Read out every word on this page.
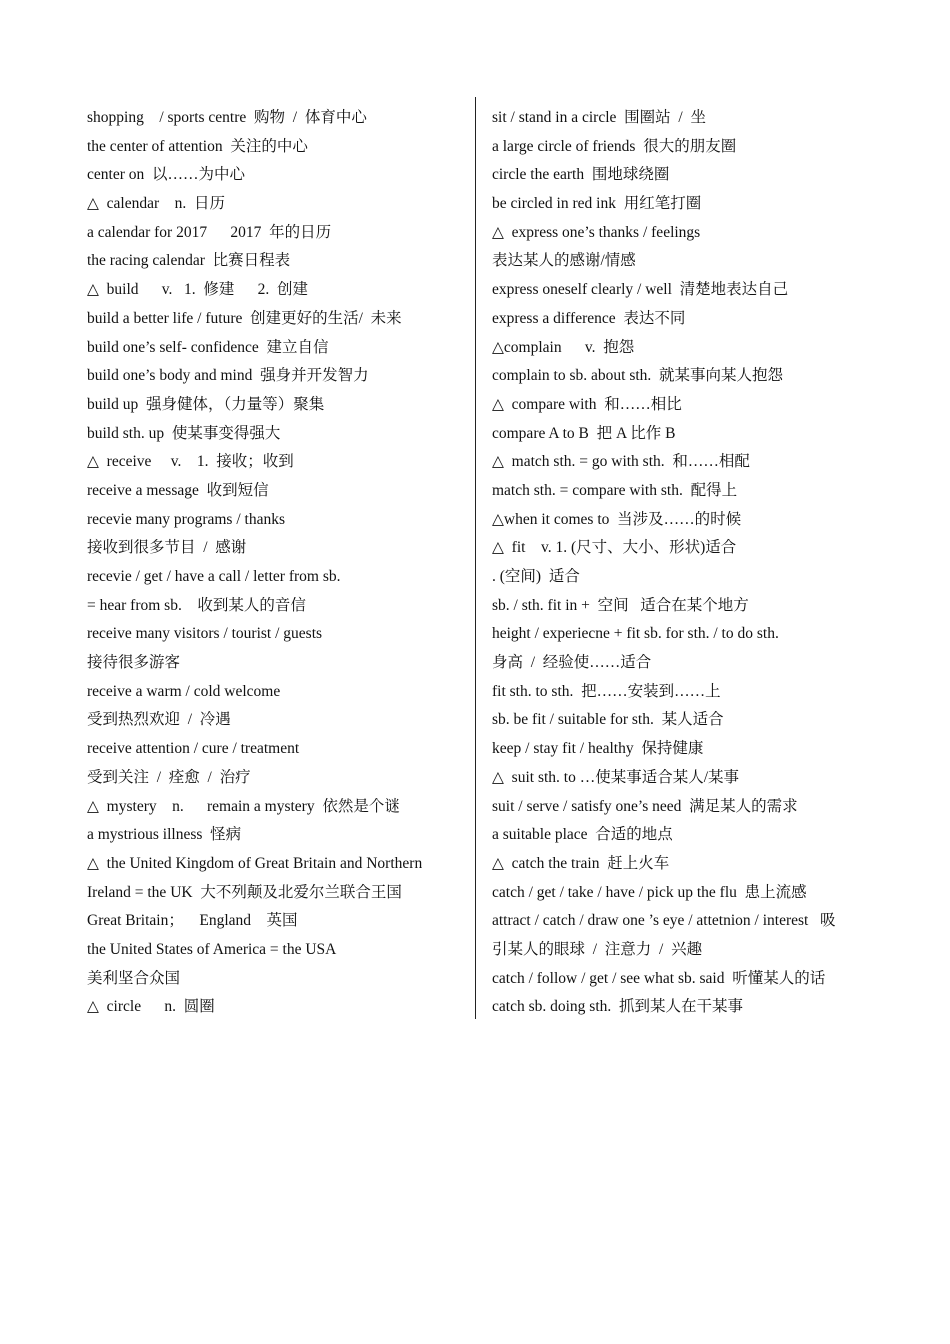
shopping    / sports centre  购物  /  体育中心
the center of attention  关注的中心
center on  以……为中心
△  calendar    n.  日历
a calendar for 2017      2017  年的日历
the racing calendar  比赛日程表
△  build      v.   1.  修建      2.  创建
build a better life / future  创建更好的生活/  未来
build one’s self- confidence  建立自信
build one’s body and mind  强身并开发智力
build up  强身健体，（力量等）聚集
build sth. up  使某事变得强大
△  receive     v.    1.  接收；收到
receive a message  收到短信
recevie many programs / thanks
接收到很多节目  /  感谢
recevie / get / have a call / letter from sb.
= hear from sb.    收到某人的音信
receive many visitors / tourist / guests
接待很多游客
receive a warm / cold welcome
受到热烈欢迎  /  冷遇
receive attention / cure / treatment
受到关注  /  痊愈  /  治疗
△  mystery    n.      remain a mystery  依然是个谜
a mystrious illness  怪病
△  the United Kingdom of Great Britain and Northern
Ireland = the UK  大不列颠及北爱尔兰联合王国
Great Britain；    England    英国
the United States of America = the USA
美利坚合众国
△  circle      n.  圆圈
sit / stand in a circle  围圈站  /  坐
a large circle of friends  很大的朋友圈
circle the earth  围地球绕圈
be circled in red ink  用红笔打圈
△  express one’s thanks / feelings
表达某人的感谢/情感
express oneself clearly / well  清楚地表达自己
express a difference  表达不同
△complain      v.  抱怨
complain to sb. about sth.  就某事向某人抱怨
△  compare with  和……相比
compare A to B  把 A 比作 B
△  match sth. = go with sth.  和……相配
match sth. = compare with sth.  配得上
△when it comes to  当涉及……的时候
△  fit    v. 1. (尺寸、大小、形状)适合
. (空间)  适合
sb. / sth. fit in +  空间   适合在某个地方
height / experiecne + fit sb. for sth. / to do sth.
身高  /  经验使……适合
fit sth. to sth.  把……安装到……上
sb. be fit / suitable for sth.  某人适合
keep / stay fit / healthy  保持健康
△  suit sth. to …使某事适合某人/某事
suit / serve / satisfy one’s need  满足某人的需求
a suitable place  合适的地点
△  catch the train  赶上火车
catch / get / take / have / pick up the flu  患上流感
attract / catch / draw one ’s eye / attetnion / interest   吸
引某人的眼球  /  注意力  /  兴趣
catch / follow / get / see what sb. said  听懂某人的话
catch sb. doing sth.  抓到某人在干某事
